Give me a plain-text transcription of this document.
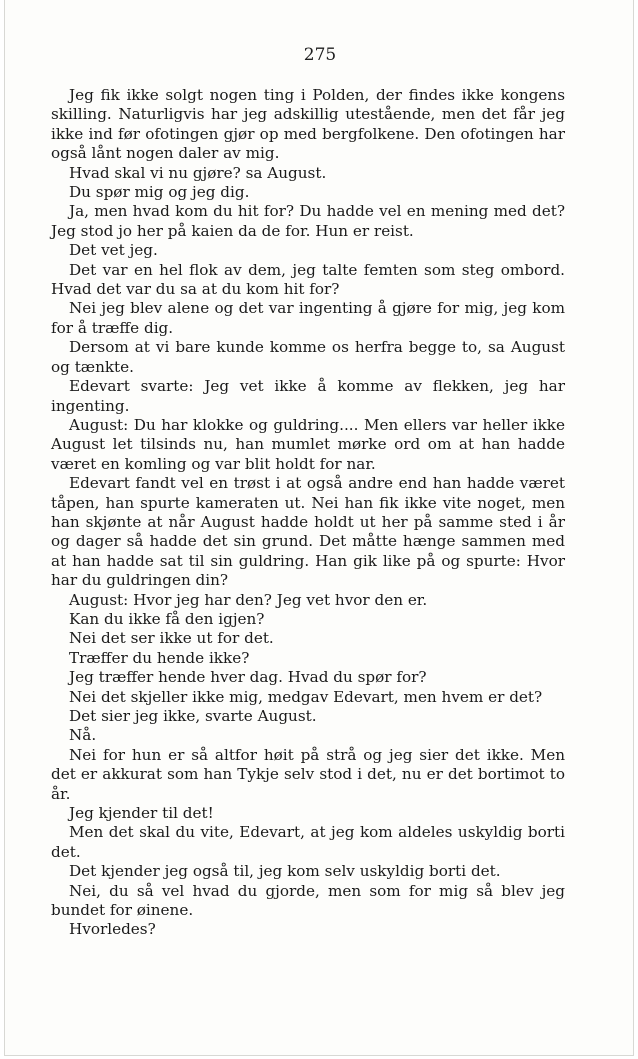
275

Jeg fik ikke solgt nogen ting i Polden, der findes ikke kongens skilling. Naturligvis har jeg adskillig utestående, men det får jeg ikke ind før ofotingen gjør op med bergfolkene. Den ofotingen har også lånt nogen daler av mig.

Hvad skal vi nu gjøre? sa August.

Du spør mig og jeg dig.

Ja, men hvad kom du hit for? Du hadde vel en mening med det? Jeg stod jo her på kaien da de for. Hun er reist.

Det vet jeg.

Det var en hel flok av dem, jeg talte femten som steg ombord. Hvad det var du sa at du kom hit for?

Nei jeg blev alene og det var ingenting å gjøre for mig, jeg kom for å træffe dig.

Dersom at vi bare kunde komme os herfra begge to, sa August og tænkte.

Edevart svarte: Jeg vet ikke å komme av flekken, jeg har ingenting.

August: Du har klokke og guldring.... Men ellers var heller ikke August let tilsinds nu, han mumlet mørke ord om at han hadde været en komling og var blit holdt for nar.

Edevart fandt vel en trøst i at også andre end han hadde været tåpen, han spurte kameraten ut. Nei han fik ikke vite noget, men han skjønte at når August hadde holdt ut her på samme sted i år og dager så hadde det sin grund. Det måtte hænge sammen med at han hadde sat til sin guldring. Han gik like på og spurte: Hvor har du guldringen din?

August: Hvor jeg har den? Jeg vet hvor den er.

Kan du ikke få den igjen?

Nei det ser ikke ut for det.

Træffer du hende ikke?

Jeg træffer hende hver dag. Hvad du spør for?

Nei det skjeller ikke mig, medgav Edevart, men hvem er det?

Det sier jeg ikke, svarte August.

Nå.

Nei for hun er så altfor høit på strå og jeg sier det ikke. Men det er akkurat som han Tykje selv stod i det, nu er det bortimot to år.

Jeg kjender til det!

Men det skal du vite, Edevart, at jeg kom aldeles uskyldig borti det.

Det kjender jeg også til, jeg kom selv uskyldig borti det.

Nei, du så vel hvad du gjorde, men som for mig så blev jeg bundet for øinene.

Hvorledes?
